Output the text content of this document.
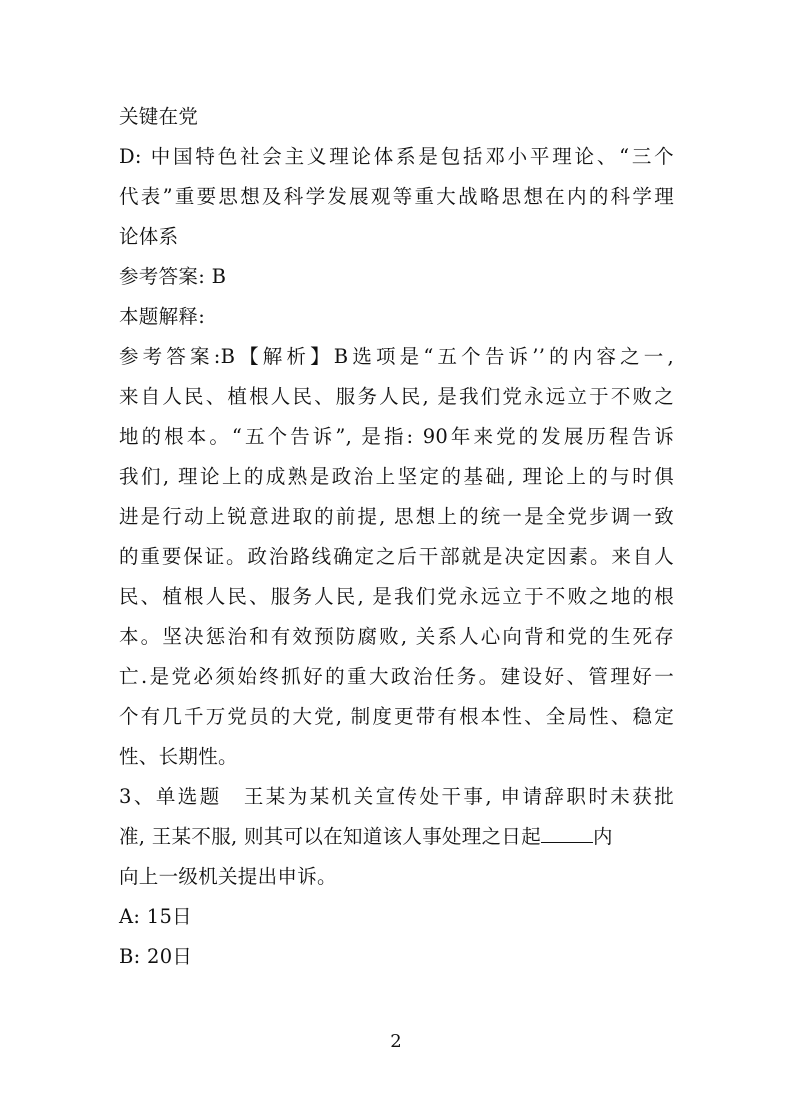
关键在党
D: 中国特色社会主义理论体系是包括邓小平理论、“三个
代表”重要思想及科学发展观等重大战略思想在内的科学理
论体系
参考答案: B
本题解释:
参考答案:B【解析】B选项是“五个告诉’’的内容之一,
来自人民、植根人民、服务人民, 是我们党永远立于不败之
地的根本。“五个告诉”, 是指: 90年来党的发展历程告诉
我们, 理论上的成熟是政治上坚定的基础, 理论上的与时俱
进是行动上锐意进取的前提, 思想上的统一是全党步调一致
的重要保证。政治路线确定之后干部就是决定因素。来自人
民、植根人民、服务人民, 是我们党永远立于不败之地的根
本。坚决惩治和有效预防腐败, 关系人心向背和党的生死存
亡.是党必须始终抓好的重大政治任务。建设好、管理好一
个有几千万党员的大党, 制度更带有根本性、全局性、稳定
性、长期性。
3、单选题 王某为某机关宣传处干事, 申请辞职时未获批
准, 王某不服, 则其可以在知道该人事处理之日起	内
向上一级机关提出申诉。
A: 15日
B: 20日
2
